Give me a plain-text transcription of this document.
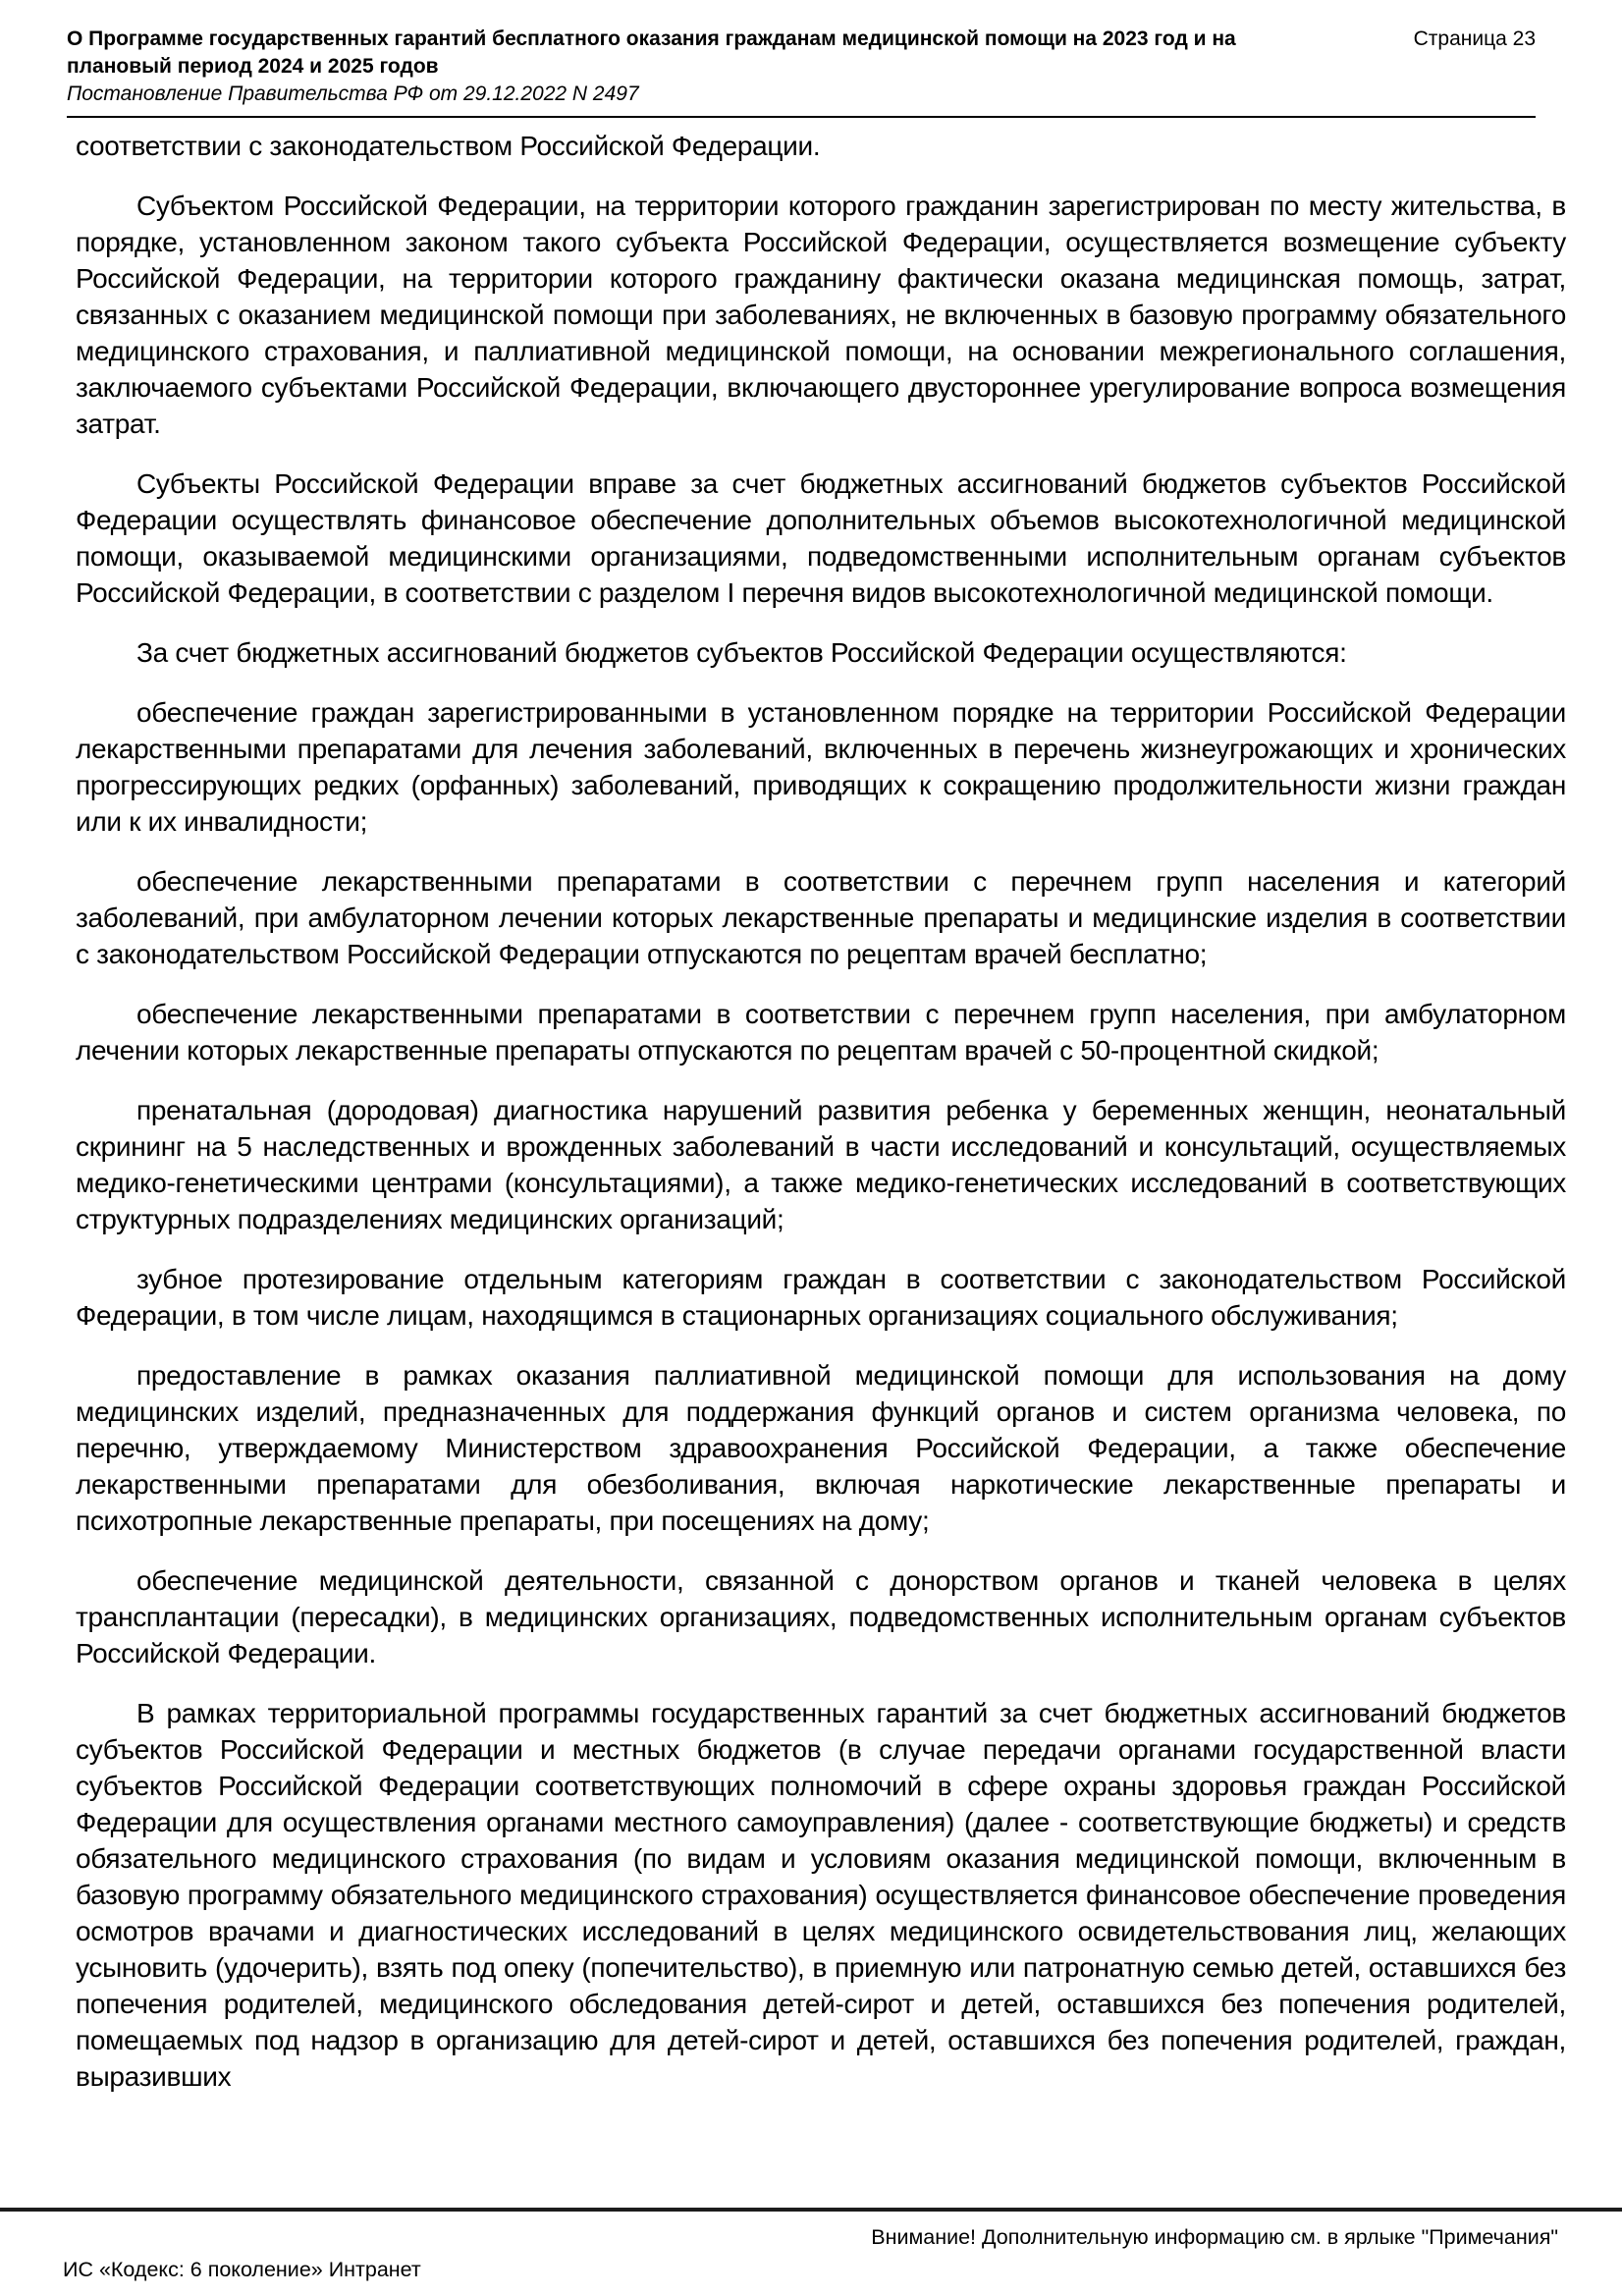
О Программе государственных гарантий бесплатного оказания гражданам медицинской помощи на 2023 год и на плановый период 2024 и 2025 годов
Страница 23
Постановление Правительства РФ от 29.12.2022 N 2497

соответствии с законодательством Российской Федерации.

Субъектом Российской Федерации, на территории которого гражданин зарегистрирован по месту жительства, в порядке, установленном законом такого субъекта Российской Федерации, осуществляется возмещение субъекту Российской Федерации, на территории которого гражданину фактически оказана медицинская помощь, затрат, связанных с оказанием медицинской помощи при заболеваниях, не включенных в базовую программу обязательного медицинского страхования, и паллиативной медицинской помощи, на основании межрегионального соглашения, заключаемого субъектами Российской Федерации, включающего двустороннее урегулирование вопроса возмещения затрат.

Субъекты Российской Федерации вправе за счет бюджетных ассигнований бюджетов субъектов Российской Федерации осуществлять финансовое обеспечение дополнительных объемов высокотехнологичной медицинской помощи, оказываемой медицинскими организациями, подведомственными исполнительным органам субъектов Российской Федерации, в соответствии с разделом I перечня видов высокотехнологичной медицинской помощи.

За счет бюджетных ассигнований бюджетов субъектов Российской Федерации осуществляются:

обеспечение граждан зарегистрированными в установленном порядке на территории Российской Федерации лекарственными препаратами для лечения заболеваний, включенных в перечень жизнеугрожающих и хронических прогрессирующих редких (орфанных) заболеваний, приводящих к сокращению продолжительности жизни граждан или к их инвалидности;

обеспечение лекарственными препаратами в соответствии с перечнем групп населения и категорий заболеваний, при амбулаторном лечении которых лекарственные препараты и медицинские изделия в соответствии с законодательством Российской Федерации отпускаются по рецептам врачей бесплатно;

обеспечение лекарственными препаратами в соответствии с перечнем групп населения, при амбулаторном лечении которых лекарственные препараты отпускаются по рецептам врачей с 50-процентной скидкой;

пренатальная (дородовая) диагностика нарушений развития ребенка у беременных женщин, неонатальный скрининг на 5 наследственных и врожденных заболеваний в части исследований и консультаций, осуществляемых медико-генетическими центрами (консультациями), а также медико-генетических исследований в соответствующих структурных подразделениях медицинских организаций;

зубное протезирование отдельным категориям граждан в соответствии с законодательством Российской Федерации, в том числе лицам, находящимся в стационарных организациях социального обслуживания;

предоставление в рамках оказания паллиативной медицинской помощи для использования на дому медицинских изделий, предназначенных для поддержания функций органов и систем организма человека, по перечню, утверждаемому Министерством здравоохранения Российской Федерации, а также обеспечение лекарственными препаратами для обезболивания, включая наркотические лекарственные препараты и психотропные лекарственные препараты, при посещениях на дому;

обеспечение медицинской деятельности, связанной с донорством органов и тканей человека в целях трансплантации (пересадки), в медицинских организациях, подведомственных исполнительным органам субъектов Российской Федерации.

В рамках территориальной программы государственных гарантий за счет бюджетных ассигнований бюджетов субъектов Российской Федерации и местных бюджетов (в случае передачи органами государственной власти субъектов Российской Федерации соответствующих полномочий в сфере охраны здоровья граждан Российской Федерации для осуществления органами местного самоуправления) (далее - соответствующие бюджеты) и средств обязательного медицинского страхования (по видам и условиям оказания медицинской помощи, включенным в базовую программу обязательного медицинского страхования) осуществляется финансовое обеспечение проведения осмотров врачами и диагностических исследований в целях медицинского освидетельствования лиц, желающих усыновить (удочерить), взять под опеку (попечительство), в приемную или патронатную семью детей, оставшихся без попечения родителей, медицинского обследования детей-сирот и детей, оставшихся без попечения родителей, помещаемых под надзор в организацию для детей-сирот и детей, оставшихся без попечения родителей, граждан, выразивших

Внимание! Дополнительную информацию см. в ярлыке "Примечания"
ИС «Кодекс: 6 поколение» Интранет
